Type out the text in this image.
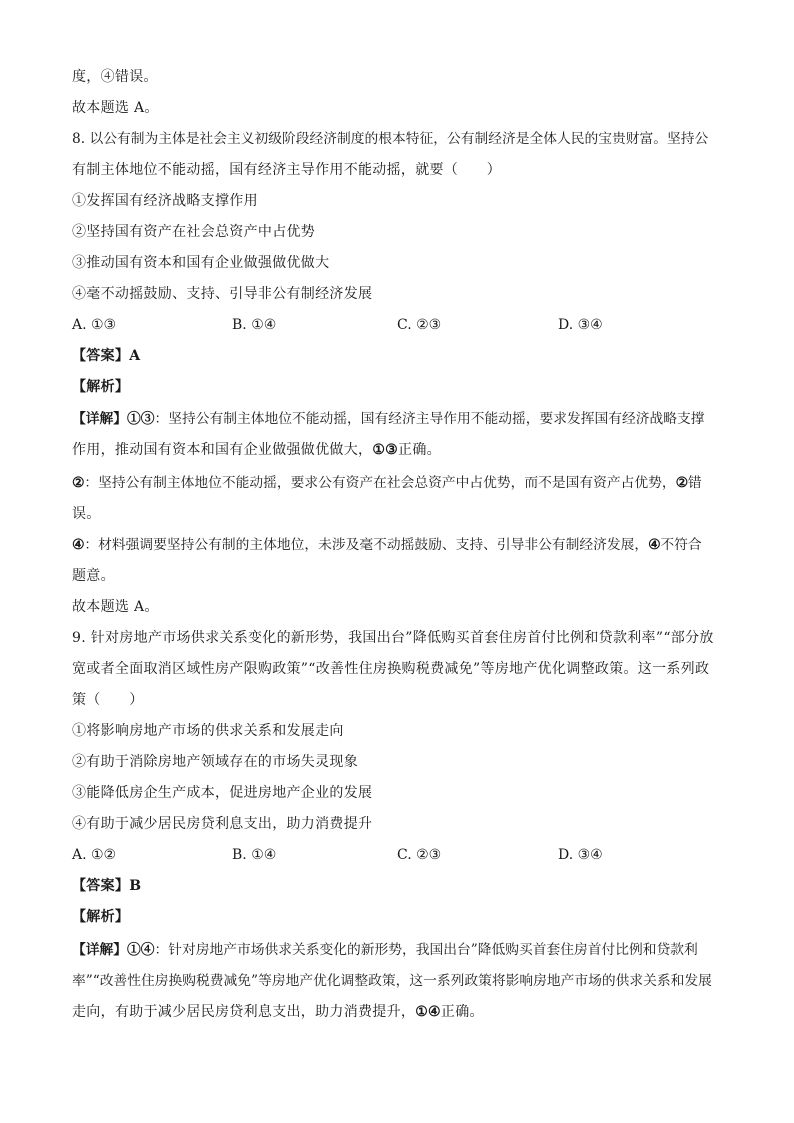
度，④错误。
故本题选 A。
8. 以公有制为主体是社会主义初级阶段经济制度的根本特征，公有制经济是全体人民的宝贵财富。坚持公
有制主体地位不能动摇，国有经济主导作用不能动摇，就要（　　）
①发挥国有经济战略支撑作用
②坚持国有资产在社会总资产中占优势
③推动国有资本和国有企业做强做优做大
④毫不动摇鼓励、支持、引导非公有制经济发展
A. ①③	B. ①④	C. ②③	D. ③④
【答案】A
【解析】
【详解】①③：坚持公有制主体地位不能动摇，国有经济主导作用不能动摇，要求发挥国有经济战略支撑
作用，推动国有资本和国有企业做强做优做大，①③正确。
②：坚持公有制主体地位不能动摇，要求公有资产在社会总资产中占优势，而不是国有资产占优势，②错
误。
④：材料强调要坚持公有制的主体地位，未涉及毫不动摇鼓励、支持、引导非公有制经济发展，④不符合
题意。
故本题选 A。
9. 针对房地产市场供求关系变化的新形势，我国出台”降低购买首套住房首付比例和贷款利率”“部分放
宽或者全面取消区域性房产限购政策”“改善性住房换购税费减免”等房地产优化调整政策。这一系列政
策（　　）
①将影响房地产市场的供求关系和发展走向
②有助于消除房地产领域存在的市场失灵现象
③能降低房企生产成本，促进房地产企业的发展
④有助于减少居民房贷利息支出，助力消费提升
A. ①②	B. ①④	C. ②③	D. ③④
【答案】B
【解析】
【详解】①④：针对房地产市场供求关系变化的新形势，我国出台”降低购买首套住房首付比例和贷款利
率”“改善性住房换购税费减免”等房地产优化调整政策，这一系列政策将影响房地产市场的供求关系和发展
走向，有助于减少居民房贷利息支出，助力消费提升，①④正确。
